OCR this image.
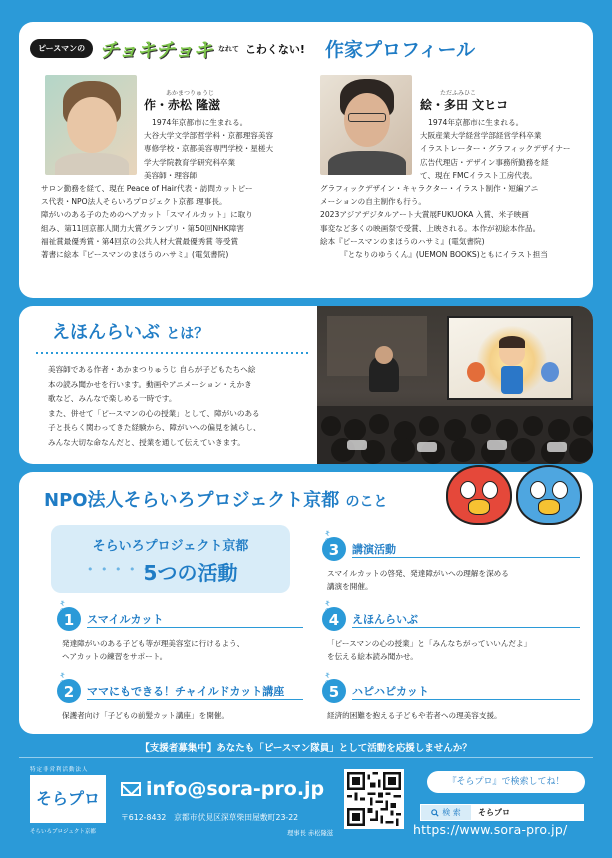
ピースマンの チョキチョキ なれて こわくない! 作家プロフィール
あかまつりゅうじ
作・赤松 隆滋
1974年京都市に生まれる。
大谷大学文学部哲学科・京都理容美容
専修学校・京都美容専門学校・星槎大
学大学院教育学研究科卒業
美容師・理容師
サロン勤務を経て、現在 Peace of Hair代表・訪問カットピー
ス代表・NPO法人そらいろプロジェクト京都 理事長。
障がいのある子のためのヘアカット「スマイルカット」に取り
組み、第11回京都人間力大賞グランプリ・第50回NHK障害
福祉賞最優秀賞・第4回京の公共人材大賞最優秀賞 等受賞
著書に絵本『ピースマンのまほうのハサミ』(電気書院)
ただふみひこ
絵・多田 文ヒコ
1974年京都市に生まれる。
大阪産業大学経営学部経営学科卒業
イラストレーター・グラフィックデザイナー
広告代理店・デザイン事務所勤務を経
て、現在 FMCイラスト工房代表。
グラフィックデザイン・キャラクター・イラスト制作・短編アニ
メーションの自主制作も行う。
2023アジアデジタルアート大賞展FUKUOKA 入賞、米子映画
事変など多くの映画祭で受賞、上映される。本作が初絵本作品。
絵本『ピースマンのまほうのハサミ』(電気書院)
『となりのゆうくん』(UEMON BOOKS)ともにイラスト担当
えほんらいぶ とは？
美容師である作者・あかまつりゅうじ 自らが子どもたちへ絵
本の読み聞かせを行います。動画やアニメーション・えかき
歌など、みんなで楽しめる一時です。
また、併せて「ピースマンの心の授業」として、障がいのある
子と長らく関わってきた経験から、障がいへの偏見を減らし、
みんな大切な命なんだと、授業を通して伝えていきます。
NPO法人そらいろプロジェクト京都 のこと
そらいろプロジェクト京都
• • • • •
5つの活動
そ
1	スマイルカット
発達障がいのある子ども等が理美容室に行けるよう、
ヘアカットの練習をサポート。
そ
2	ママにもできる！チャイルドカット講座
保護者向け「子どもの前髪カット講座」を開催。
そ
3	講演活動
スマイルカットの啓発、発達障がいへの理解を深める
講演を開催。
そ
4	えほんらいぶ
「ピースマンの心の授業」と「みんなちがっていいんだよ」
を伝える絵本読み聞かせ。
そ
5	ハピハピカット
経済的困難を抱える子どもや若者への理美容支援。
【支援者募集中】あなたも「ピースマン隊員」として活動を応援しませんか？
特定非営利活動法人
そらプロ
そらいろプロジェクト京都
info@sora-pro.jp
〒612-8432　京都市伏見区深草柴田屋敷町23-22
理事長 赤松隆滋
『そらプロ』で検索してね！
検 索	そらプロ
https://www.sora-pro.jp/
